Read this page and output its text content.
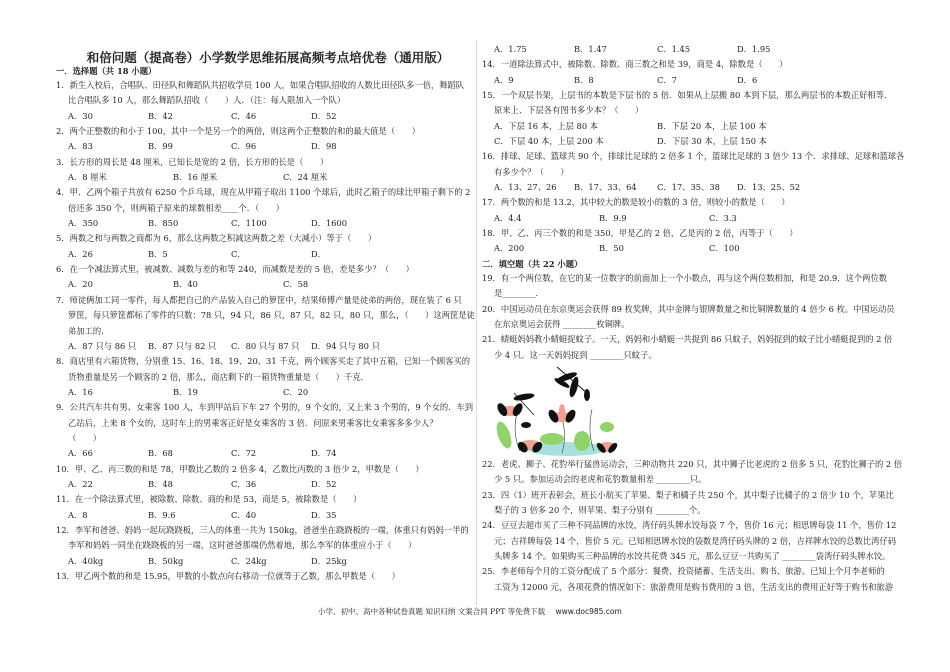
和倍问题（提高卷）小学数学思维拓展高频考点培优卷（通用版）
一．选择题（共 18 小题）
1．新生入校后，合唱队、田径队和舞蹈队共招收学员 100 人，如果合唱队招收的人数比田径队多一倍，舞蹈队
比合唱队多 10 人，那么舞蹈队招收（　　）人．（注：每人限加入一个队）
A．30	B．42	C．46	D．52
2．两个正整数的和小于 100，其中一个是另一个的两倍，则这两个正整数的和的最大值是（　　）
A．83	B．99	C．96	D．98
3．长方形的周长是 48 厘米，已知长是宽的 2 倍，长方形的长是（　　）
A．8 厘米	B．16 厘米	C．24 厘米
4．甲、乙两个箱子共放有 6250 个乒乓球，现在从甲箱子取出 1100 个球后，此时乙箱子的球比甲箱子剩下的 2
倍还多 350 个，则两箱子原来的球数相差____个．（　　）
A．350	B．850	C．1100	D．1600
5．两数之和与两数之商都为 6，那么这两数之积减这两数之差（大减小）等于（　　）
A．26	B．5	C．	D．
6．在一个减法算式里，被减数、减数与差的和等 240，而减数是差的 5 倍，差是多少？（　　）
A．20	B．40	C．58
7．师徒俩加工同一零件，每人都把自己的产品装入自己的箩筐中，结果师傅产量是徒弟的两倍，现在装了 6 只
箩筐，每只箩筐都标了零件的只数：78 只，94 只，86 只，87 只，82 只，80 只，那么，（　　）这两筐是徒
弟加工的．
A．87 只与 86 只 B．87 只与 82 只 C．80 只与 87 只 D．94 只与 80 只
8．商店里有六箱货物，分别重 15、16、18、19、20、31 千克，两个顾客买走了其中五箱，已知一个顾客买的
货物重量是另一个顾客的 2 倍，那么，商店剩下的一箱货物重量是（　　）千克．
A．16	B．19	C．20
9．公共汽车共有男、女乘客 100 人，车到甲站后下车 27 个男的，9 个女的，又上来 3 个男的，9 个女的．车到
乙站后，上来 8 个女的，这时车上的男乘客正好是女乘客的 3 倍．问原来男乘客比女乘客多多少人？
（　　）
A．66	B．68	C．72	D．74
10．甲、乙、丙三数的和是 78，甲数比乙数的 2 倍多 4，乙数比丙数的 3 倍少 2，甲数是（　　）
A．22	B．48	C．36	D．52
11．在一个除法算式里，被除数、除数、商的和是 53，商是 5，被除数是（　　）
A．8	B．9.6	C．40	D．35
12．李军和爸爸、妈妈一起玩跷跷板，三人的体重一共为 150kg，爸爸坐在跷跷板的一端，体重只有妈妈一半的
李军和妈妈一同坐在跷跷板的另一端，这时爸爸那端仍然着地，那么李军的体重应小于（　　）
A．40kg	B．50kg	C．24kg	D．25kg
13．甲乙两个数的和是 15.95，甲数的小数点向右移动一位就等于乙数，那么甲数是（　　）
A．1.75	B．1.47	C．1.45	D．1.95
14．一道除法算式中，被除数、除数、商三数之和是 39，商是 4，除数是（　　）
A．9	B．8	C．7	D．6
15．一个双层书架，上层书的本数是下层书的 5 倍．如果从上层搬 80 本到下层，那么两层书的本数正好相等．
原来上、下层各有图书多少本？（　　）
A．下层 16 本，上层 80 本	B．下层 20 本，上层 100 本
C．下层 40 本，上层 200 本	D．下层 30 本，上层 150 本
16．排球、足球、篮球共 90 个，排球比足球的 2 倍多 1 个，篮球比足球的 3 倍少 13 个．求排球、足球和篮球各
有多少个？（　　）
A．13、27、26 B．17、33、64 C．17、35、38 D．13、25、52
17．两个数的和是 13.2，其中较大的数是较小的数的 3 倍，则较小的数是（　　）
A．4.4	B．9.9	C．3.3
18．甲、乙、丙三个数的和是 350，甲是乙的 2 倍，乙是丙的 2 倍，丙等于（　　）
A．200	B．50	C．100
二．填空题（共 22 小题）
19．有一个两位数，在它的某一位数字的前面加上一个小数点，再与这个两位数相加，和是 20.9．这个两位数
是________．
20．中国运动员在东京奥运会获得 89 枚奖牌，其中金牌与银牌数量之和比铜牌数量的 4 倍少 6 枚。中国运动员
在东京奥运会获得 ________枚铜牌。
21．蜻蜓妈妈教小蜻蜓捉蚊子。一天，妈妈和小蜻蜓一共捉到 86 只蚊子，妈妈捉到的蚊子比小蜻蜓捉到的 2 倍
少 4 只。这一天妈妈捉到 ________只蚊子。
22．老虎、狮子、花豹举行猛兽运动会，三种动物共 220 只，其中狮子比老虎的 2 倍多 5 只，花豹比狮子的 2 倍
少 5 只。参加运动会的老虎和花豹数量相差 ________只。
23．四（1）班开表彰会，班长小航买了苹果、梨子和橘子共 250 个，其中梨子比橘子的 2 倍少 10 个，苹果比
梨子的 3 倍多 20 个，则苹果、梨子分别有 ________个。
24．豆豆去超市买了三种不同品牌的水饺，湾仔码头牌水饺每袋 7 个，售价 16 元；相思牌每袋 11 个，售价 12
元；吉祥牌每袋 14 个，售价 5 元。已知相思牌水饺的袋数是湾仔码头牌的 2 倍，吉祥牌水饺的总数比湾仔码
头牌多 14 个。如果购买三种品牌的水饺共花费 345 元，那么豆豆一共购买了 ________袋湾仔码头牌水饺。
25．李老师每个月的工资分配成了 5 个部分：餐费、投资储蓄、生活支出、购书、旅游。已知上个月李老师的
工资为 12000 元，各项花费的情况如下：旅游费用是购书费用的 3 倍，生活支出的费用正好等于购书和旅游
小学、初中、高中各种试卷真题 知识归纳 文案合同 PPT 等免费下载 www.doc985.com
